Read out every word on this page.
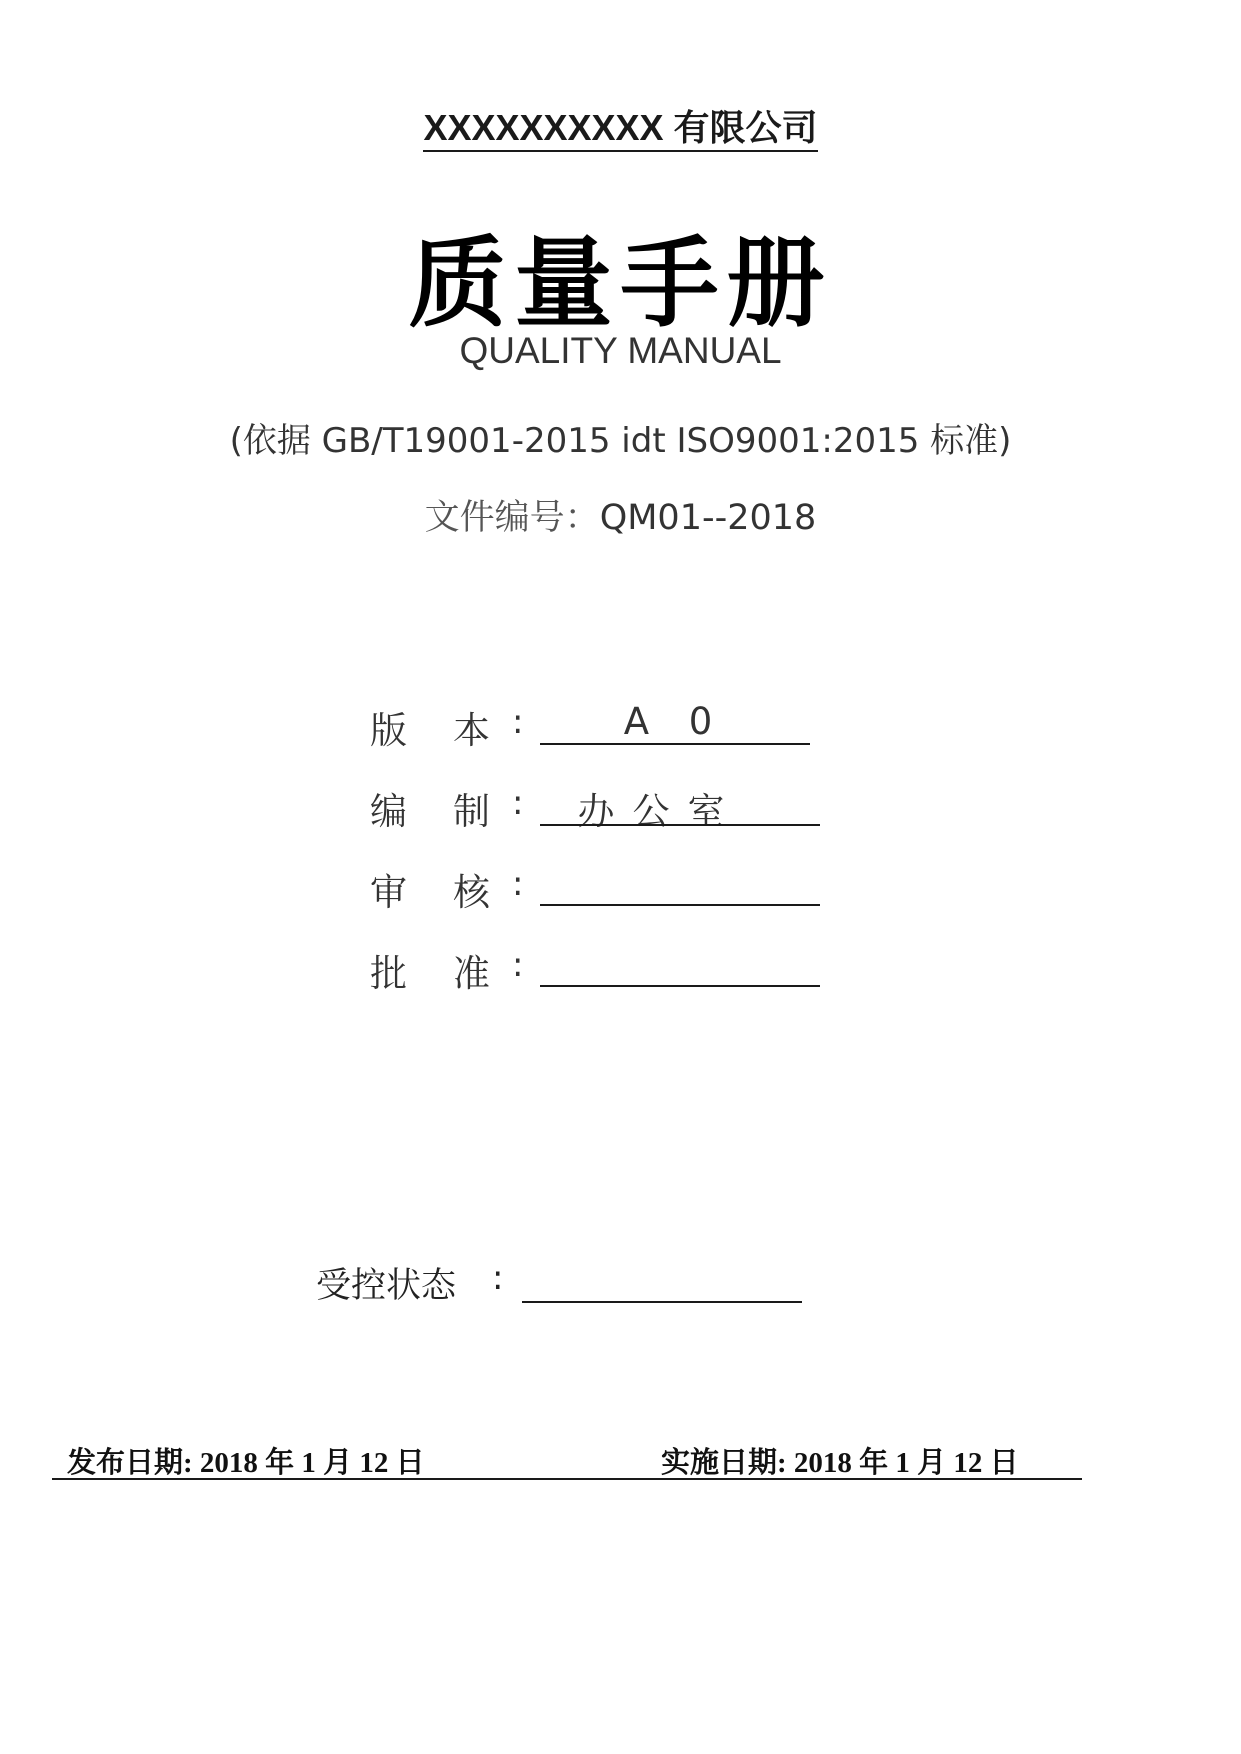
XXXXXXXXXX 有限公司
质量手册
QUALITY MANUAL
(依据 GB/T19001-2015 idt ISO9001:2015 标准)
文件编号：QM01--2018
版 本 :	A 0
编 制 :	办公室
审 核 :
批 准 :
受控状态 :
发布日期: 2018 年 1 月 12 日	实施日期: 2018 年 1 月 12 日
